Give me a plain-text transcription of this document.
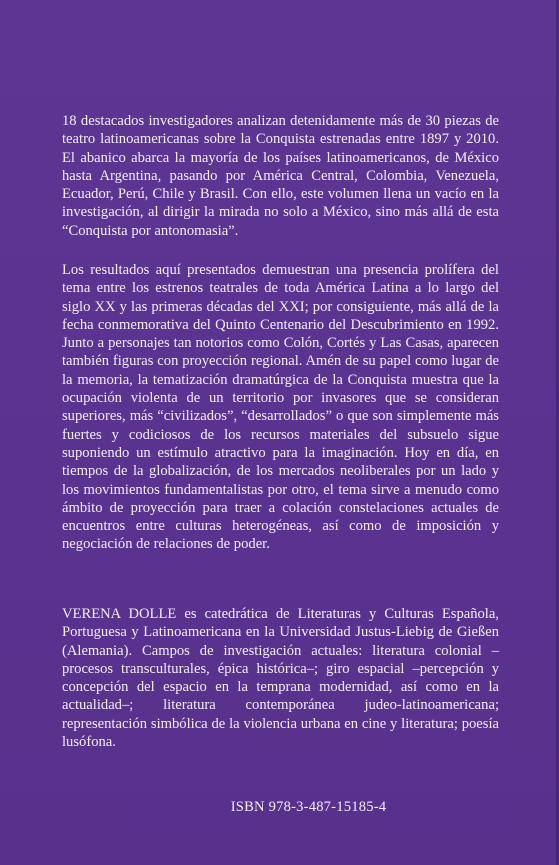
18 destacados investigadores analizan detenidamente más de 30 piezas de teatro latinoamericanas sobre la Conquista estrenadas entre 1897 y 2010. El abanico abarca la mayoría de los países latinoamericanos, de México hasta Argentina, pasando por América Central, Colombia, Venezuela, Ecuador, Perú, Chile y Brasil. Con ello, este volumen llena un vacío en la investigación, al dirigir la mirada no solo a México, sino más allá de esta “Conquista por antonomasia”.

Los resultados aquí presentados demuestran una presencia prolífera del tema entre los estrenos teatrales de toda América Latina a lo largo del siglo XX y las primeras décadas del XXI; por consiguiente, más allá de la fecha conmemorativa del Quinto Centenario del Descubrimiento en 1992. Junto a personajes tan notorios como Colón, Cortés y Las Casas, aparecen también figuras con proyección regional. Amén de su papel como lugar de la memoria, la tematización dramatúrgica de la Conquista muestra que la ocupación violenta de un territorio por invasores que se consideran superiores, más “civilizados”, “desarrollados” o que son simplemente más fuertes y codiciosos de los recursos materiales del subsuelo sigue suponiendo un estímulo atractivo para la imaginación. Hoy en día, en tiempos de la globalización, de los mercados neoliberales por un lado y los movimientos fundamentalistas por otro, el tema sirve a menudo como ámbito de proyección para traer a colación constelaciones actuales de encuentros entre culturas heterogéneas, así como de imposición y negociación de relaciones de poder.

VERENA DOLLE es catedrática de Literaturas y Culturas Española, Portuguesa y Latinoamericana en la Universidad Justus-Liebig de Gießen (Alemania). Campos de investigación actuales: literatura colonial –procesos transculturales, épica histórica–; giro espacial –percepción y concepción del espacio en la temprana modernidad, así como en la actualidad–; literatura contemporánea judeo-latinoamericana; representación simbólica de la violencia urbana en cine y literatura; poesía lusófona.

ISBN 978-3-487-15185-4
